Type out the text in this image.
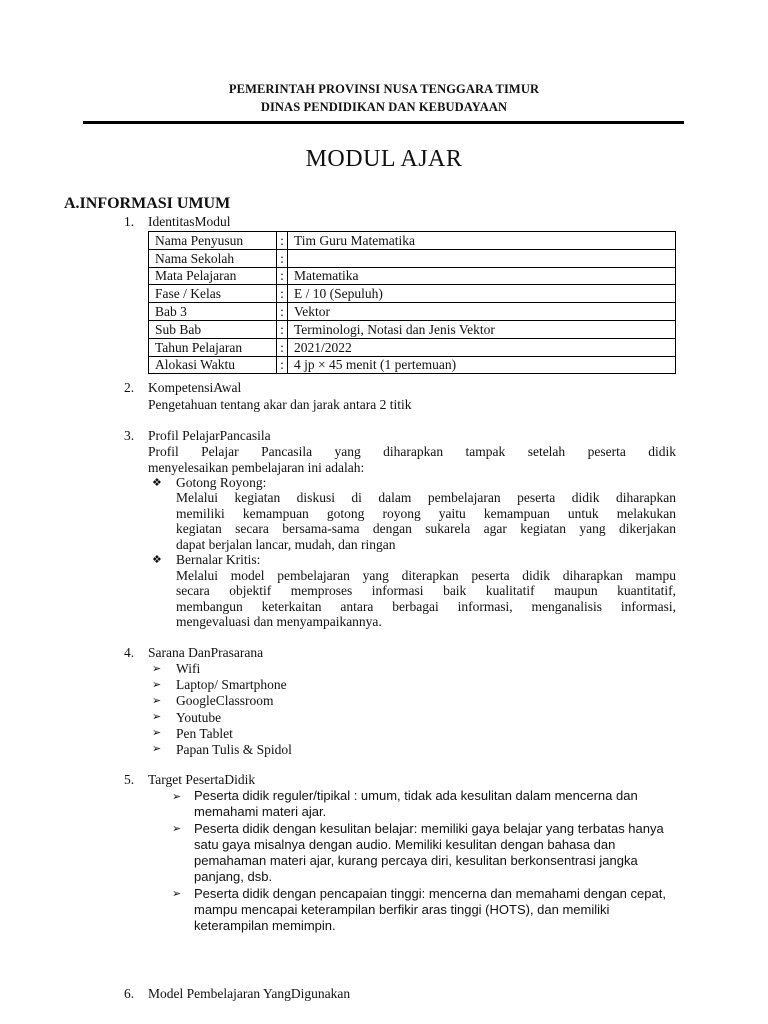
PEMERINTAH PROVINSI NUSA TENGGARA TIMUR
DINAS PENDIDIKAN DAN KEBUDAYAAN
MODUL AJAR
A.INFORMASI UMUM
1. IdentitasModul
Nama Penyusun	:	Tim Guru Matematika
Nama Sekolah	:	
Mata Pelajaran	:	Matematika
Fase / Kelas	:	E / 10 (Sepuluh)
Bab 3	:	Vektor
Sub Bab	:	Terminologi, Notasi dan Jenis Vektor
Tahun Pelajaran	:	2021/2022
Alokasi Waktu	:	4 jp × 45 menit (1 pertemuan)
2. KompetensiAwal
Pengetahuan tentang akar dan jarak antara 2 titik
3. Profil PelajarPancasila
Profil Pelajar Pancasila yang diharapkan tampak setelah peserta didik
menyelesaikan pembelajaran ini adalah:
❖ Gotong Royong:
Melalui kegiatan diskusi di dalam pembelajaran peserta didik diharapkan
memiliki kemampuan gotong royong yaitu kemampuan untuk melakukan
kegiatan secara bersama-sama dengan sukarela agar kegiatan yang dikerjakan
dapat berjalan lancar, mudah, dan ringan
❖ Bernalar Kritis:
Melalui model pembelajaran yang diterapkan peserta didik diharapkan mampu
secara objektif memproses informasi baik kualitatif maupun kuantitatif,
membangun keterkaitan antara berbagai informasi, menganalisis informasi,
mengevaluasi dan menyampaikannya.
4. Sarana DanPrasarana
➢ Wifi
➢ Laptop/ Smartphone
➢ GoogleClassroom
➢ Youtube
➢ Pen Tablet
➢ Papan Tulis & Spidol
5. Target PesertaDidik
➢ Peserta didik reguler/tipikal : umum, tidak ada kesulitan dalam mencerna dan
memahami materi ajar.
➢ Peserta didik dengan kesulitan belajar: memiliki gaya belajar yang terbatas hanya
satu gaya misalnya dengan audio. Memiliki kesulitan dengan bahasa dan
pemahaman materi ajar, kurang percaya diri, kesulitan berkonsentrasi jangka
panjang, dsb.
➢ Peserta didik dengan pencapaian tinggi: mencerna dan memahami dengan cepat,
mampu mencapai keterampilan berfikir aras tinggi (HOTS), dan memiliki
keterampilan memimpin.
6. Model Pembelajaran YangDigunakan
